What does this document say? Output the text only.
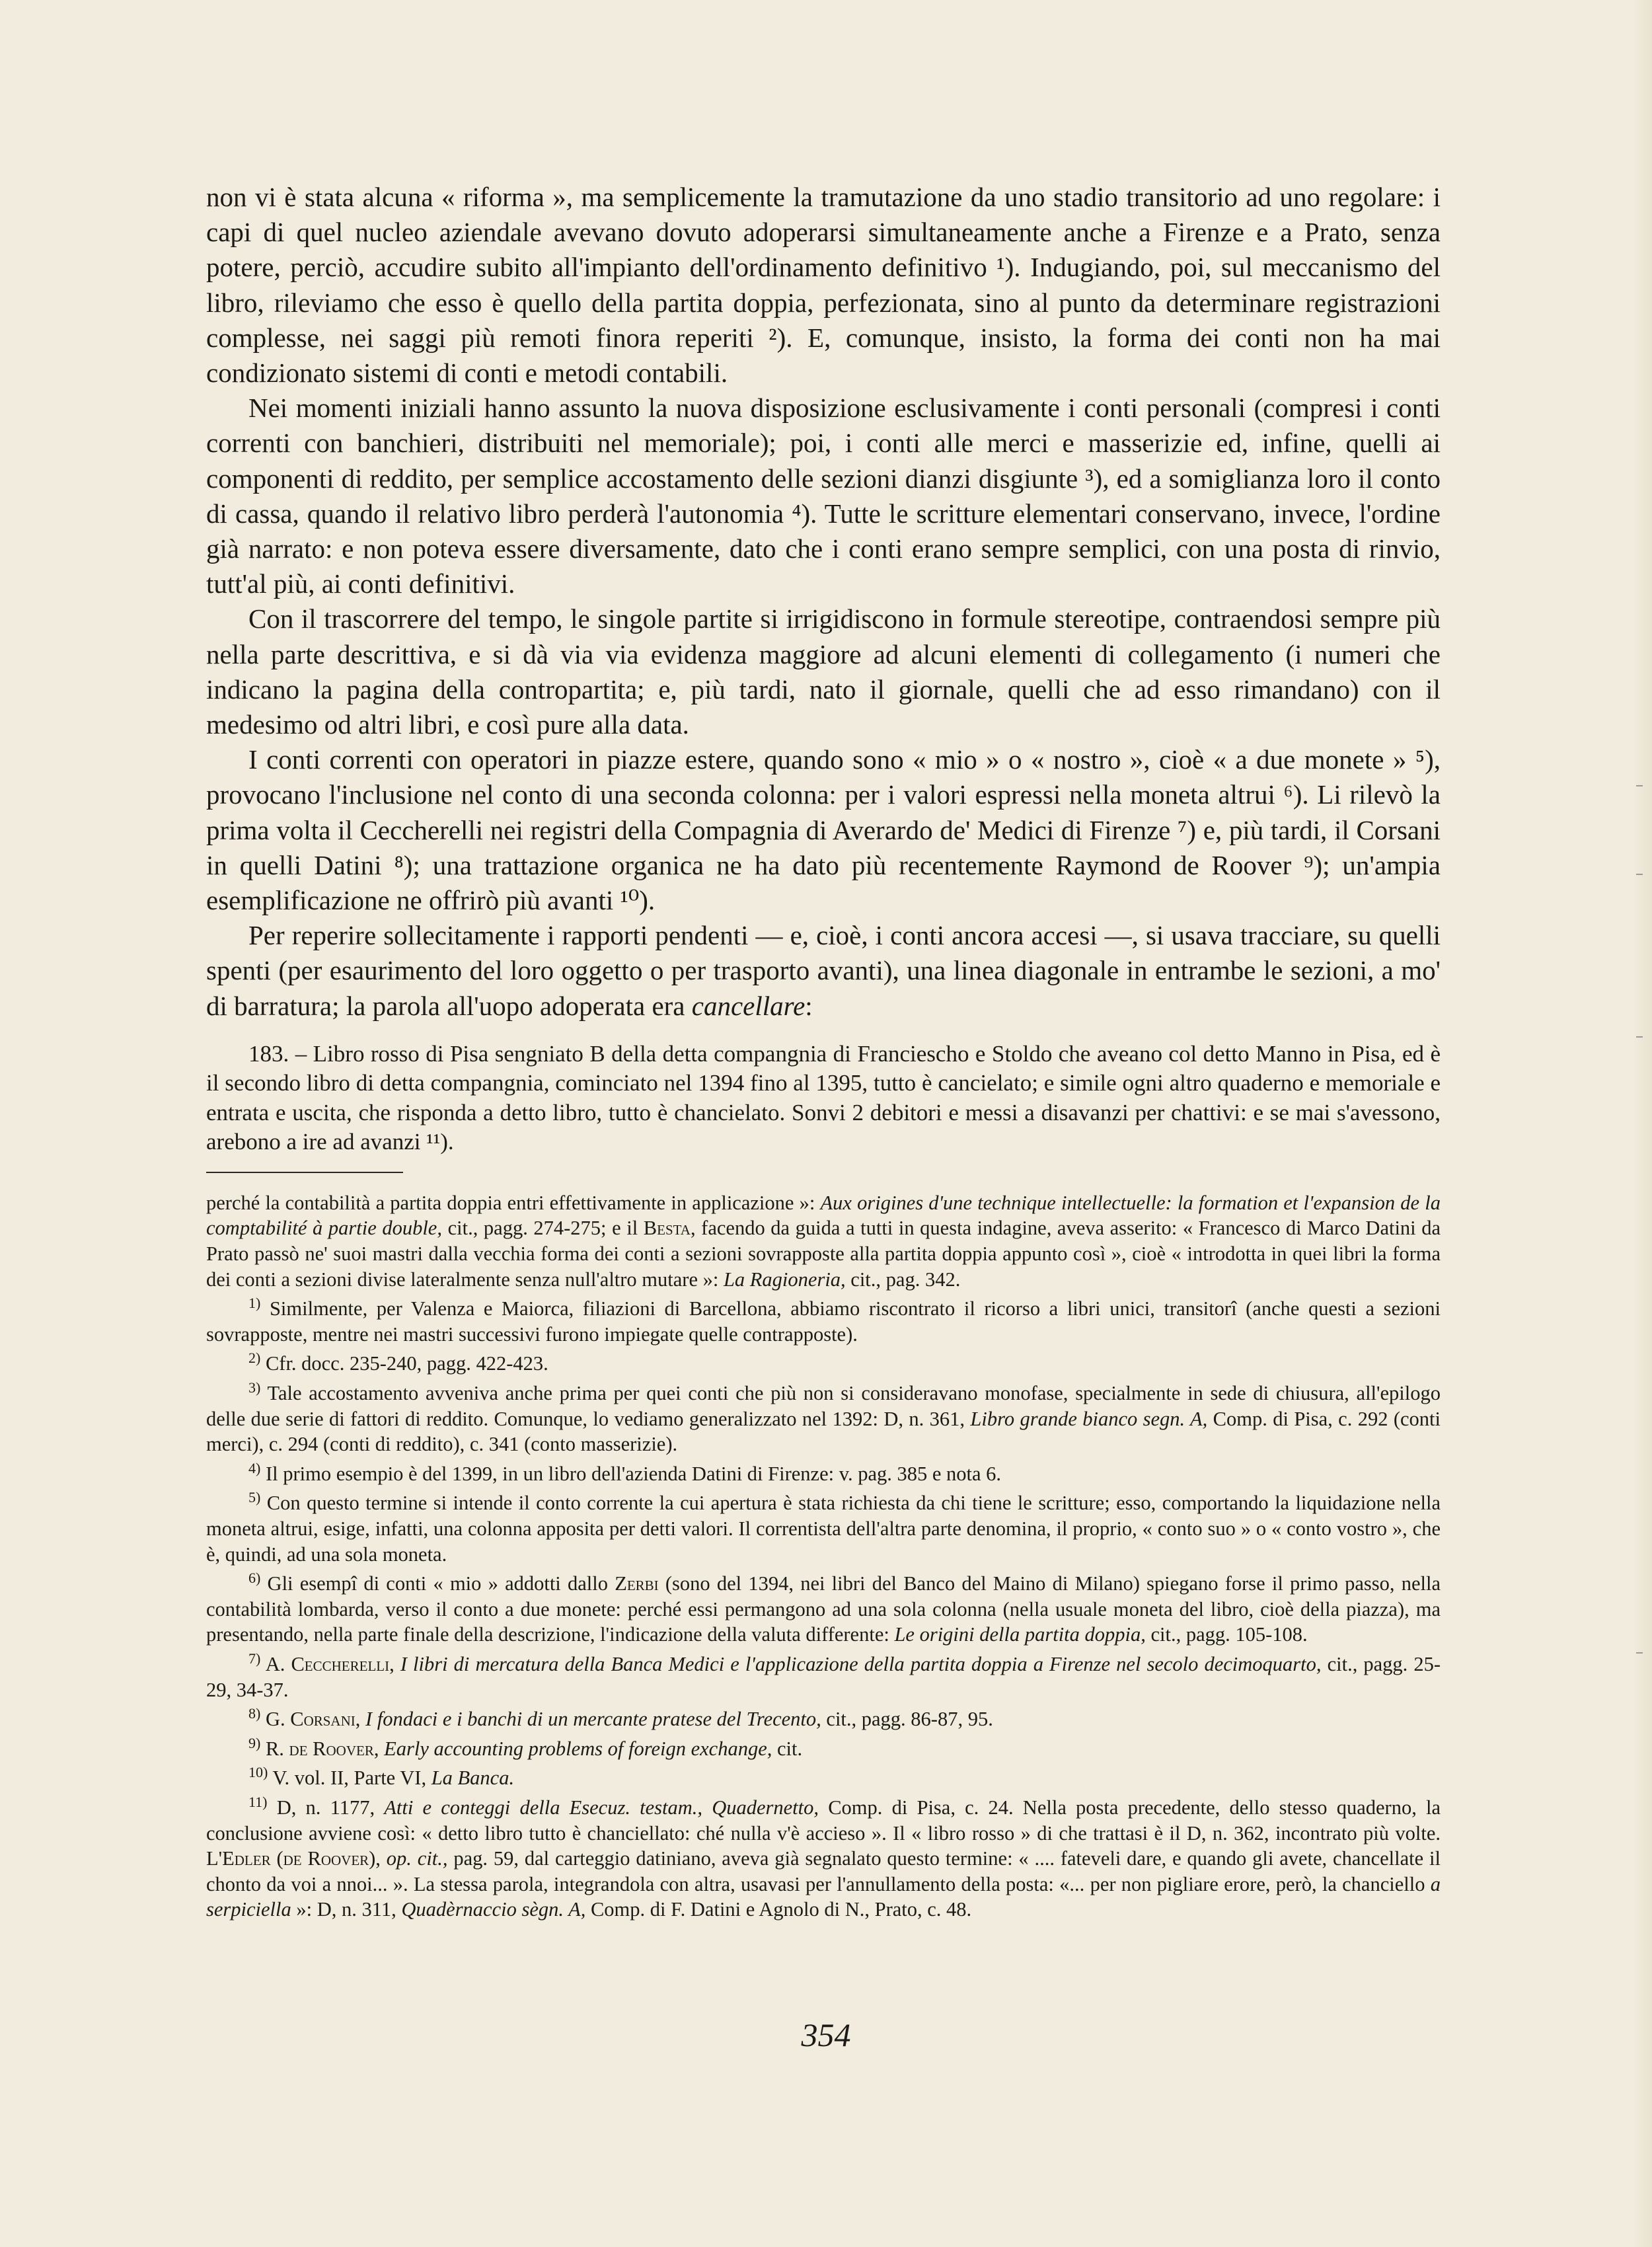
non vi è stata alcuna « riforma », ma semplicemente la tramutazione da uno stadio transitorio ad uno regolare: i capi di quel nucleo aziendale avevano dovuto adoperarsi simultaneamente anche a Firenze e a Prato, senza potere, perciò, accudire subito all'impianto dell'ordinamento definitivo ¹). Indugiando, poi, sul meccanismo del libro, rileviamo che esso è quello della partita doppia, perfezionata, sino al punto da determinare registrazioni complesse, nei saggi più remoti finora reperiti ²). E, comunque, insisto, la forma dei conti non ha mai condizionato sistemi di conti e metodi contabili.

Nei momenti iniziali hanno assunto la nuova disposizione esclusivamente i conti personali (compresi i conti correnti con banchieri, distribuiti nel memoriale); poi, i conti alle merci e masserizie ed, infine, quelli ai componenti di reddito, per semplice accostamento delle sezioni dianzi disgiunte ³), ed a somiglianza loro il conto di cassa, quando il relativo libro perderà l'autonomia ⁴). Tutte le scritture elementari conservano, invece, l'ordine già narrato: e non poteva essere diversamente, dato che i conti erano sempre semplici, con una posta di rinvio, tutt'al più, ai conti definitivi.

Con il trascorrere del tempo, le singole partite si irrigidiscono in formule stereotipe, contraendosi sempre più nella parte descrittiva, e si dà via via evidenza maggiore ad alcuni elementi di collegamento (i numeri che indicano la pagina della contropartita; e, più tardi, nato il giornale, quelli che ad esso rimandano) con il medesimo od altri libri, e così pure alla data.

I conti correnti con operatori in piazze estere, quando sono « mio » o « nostro », cioè « a due monete » ⁵), provocano l'inclusione nel conto di una seconda colonna: per i valori espressi nella moneta altrui ⁶). Li rilevò la prima volta il Ceccherelli nei registri della Compagnia di Averardo de' Medici di Firenze ⁷) e, più tardi, il Corsani in quelli Datini ⁸); una trattazione organica ne ha dato più recentemente Raymond de Roover ⁹); un'ampia esemplificazione ne offrirò più avanti ¹⁰).

Per reperire sollecitamente i rapporti pendenti — e, cioè, i conti ancora accesi —, si usava tracciare, su quelli spenti (per esaurimento del loro oggetto o per trasporto avanti), una linea diagonale in entrambe le sezioni, a mo' di barratura; la parola all'uopo adoperata era cancellare:

183. – Libro rosso di Pisa sengniato B della detta compangnia di Franciescho e Stoldo che aveano col detto Manno in Pisa, ed è il secondo libro di detta compangnia, cominciato nel 1394 fino al 1395, tutto è cancielato; e simile ogni altro quaderno e memoriale e entrata e uscita, che risponda a detto libro, tutto è chancielato. Sonvi 2 debitori e messi a disavanzi per chattivi: e se mai s'avessono, arebono a ire ad avanzi ¹¹).

perché la contabilità a partita doppia entri effettivamente in applicazione »: Aux origines d'une technique intellectuelle: la formation et l'expansion de la comptabilité à partie double, cit., pagg. 274-275; e il Besta, facendo da guida a tutti in questa indagine, aveva asserito: « Francesco di Marco Datini da Prato passò ne' suoi mastri dalla vecchia forma dei conti a sezioni sovrapposte alla partita doppia appunto così », cioè « introdotta in quei libri la forma dei conti a sezioni divise lateralmente senza null'altro mutare »: La Ragioneria, cit., pag. 342.

$^{1)}$ Similmente, per Valenza e Maiorca, filiazioni di Barcellona, abbiamo riscontrato il ricorso a libri unici, transitorî (anche questi a sezioni sovrapposte, mentre nei mastri successivi furono impiegate quelle contrapposte).

$^{2)}$ Cfr. docc. 235-240, pagg. 422-423.

$^{3)}$ Tale accostamento avveniva anche prima per quei conti che più non si consideravano monofase, specialmente in sede di chiusura, all'epilogo delle due serie di fattori di reddito. Comunque, lo vediamo generalizzato nel 1392: D, n. 361, Libro grande bianco segn. A, Comp. di Pisa, c. 292 (conti merci), c. 294 (conti di reddito), c. 341 (conto masserizie).

$^{4)}$ Il primo esempio è del 1399, in un libro dell'azienda Datini di Firenze: v. pag. 385 e nota 6.

$^{5)}$ Con questo termine si intende il conto corrente la cui apertura è stata richiesta da chi tiene le scritture; esso, comportando la liquidazione nella moneta altrui, esige, infatti, una colonna apposita per detti valori. Il correntista dell'altra parte denomina, il proprio, « conto suo » o « conto vostro », che è, quindi, ad una sola moneta.

$^{6)}$ Gli esempî di conti « mio » addotti dallo Zerbi (sono del 1394, nei libri del Banco del Maino di Milano) spiegano forse il primo passo, nella contabilità lombarda, verso il conto a due monete: perché essi permangono ad una sola colonna (nella usuale moneta del libro, cioè della piazza), ma presentando, nella parte finale della descrizione, l'indicazione della valuta differente: Le origini della partita doppia, cit., pagg. 105-108.

$^{7)}$ A. Ceccherelli, I libri di mercatura della Banca Medici e l'applicazione della partita doppia a Firenze nel secolo decimoquarto, cit., pagg. 25-29, 34-37.

$^{8)}$ G. Corsani, I fondaci e i banchi di un mercante pratese del Trecento, cit., pagg. 86-87, 95.

$^{9)}$ R. de Roover, Early accounting problems of foreign exchange, cit.

$^{10)}$ V. vol. II, Parte VI, La Banca.

$^{11)}$ D, n. 1177, Atti e conteggi della Esecuz. testam., Quadernetto, Comp. di Pisa, c. 24. Nella posta precedente, dello stesso quaderno, la conclusione avviene così: « detto libro tutto è chanciellato: ché nulla v'è accieso ». Il « libro rosso » di che trattasi è il D, n. 362, incontrato più volte. L'Edler (de Roover), op. cit., pag. 59, dal carteggio datiniano, aveva già segnalato questo termine: « .... fateveli dare, e quando gli avete, chancellate il chonto da voi a nnoi... ». La stessa parola, integrandola con altra, usavasi per l'annullamento della posta: «... per non pigliare erore, però, la chanciello a serpiciella »: D, n. 311, Quadèrnaccio sègn. A, Comp. di F. Datini e Agnolo di N., Prato, c. 48.

354
